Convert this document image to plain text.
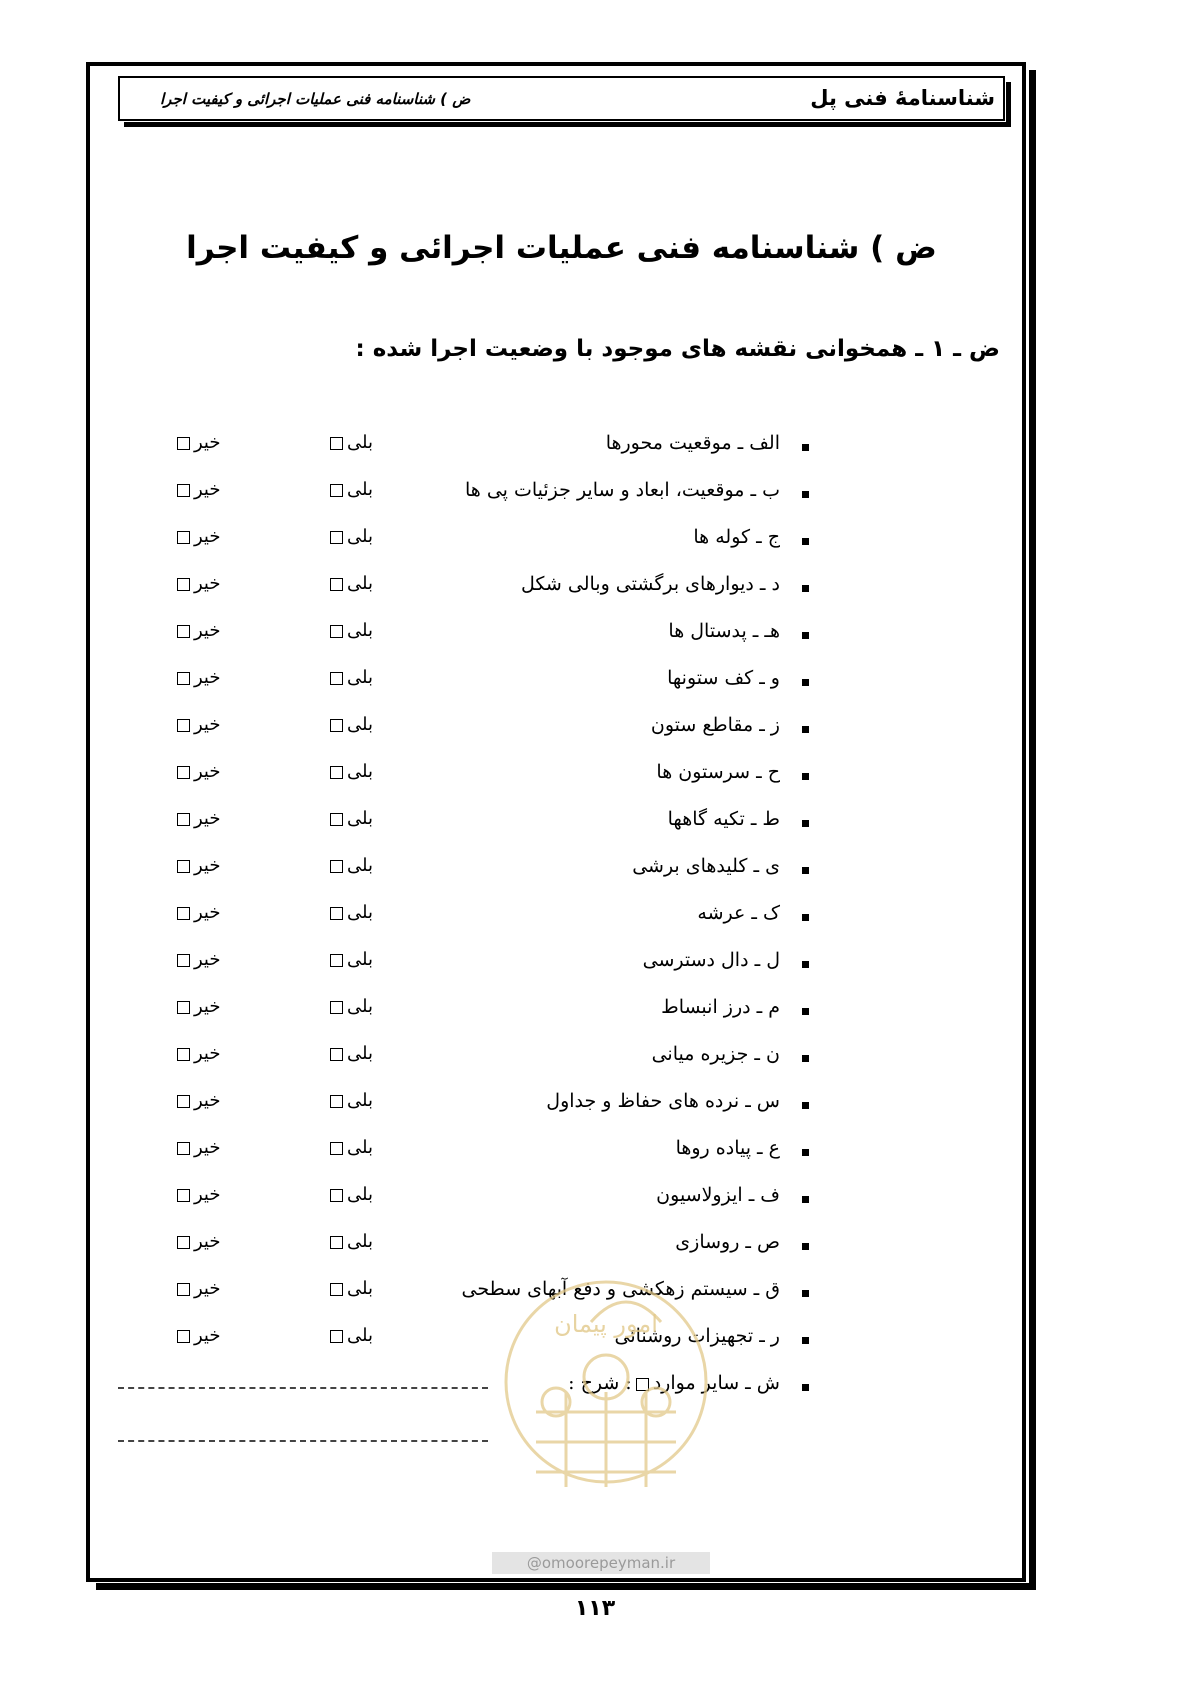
شناسنامهٔ فنی پل
ض ) شناسنامه فنی عملیات اجرائی و کیفیت اجرا
ض ) شناسنامه فنی عملیات اجرائی و کیفیت اجرا
ض ـ ۱ ـ همخوانی نقشه های موجود با وضعیت اجرا شده :
الف ـ موقعیت محورها
بلی
خیر
ب ـ موقعیت، ابعاد و سایر جزئیات پی ها
بلی
خیر
ج ـ کوله ها
بلی
خیر
د ـ دیوارهای برگشتی وبالی شکل
بلی
خیر
هـ ـ پدستال ها
بلی
خیر
و ـ کف ستونها
بلی
خیر
ز ـ مقاطع ستون
بلی
خیر
ح ـ سرستون ها
بلی
خیر
ط ـ تکیه گاهها
بلی
خیر
ی ـ کلیدهای برشی
بلی
خیر
ک ـ عرشه
بلی
خیر
ل ـ دال دسترسی
بلی
خیر
م ـ درز انبساط
بلی
خیر
ن ـ جزیره میانی
بلی
خیر
س ـ نرده های حفاظ و جداول
بلی
خیر
ع ـ پیاده روها
بلی
خیر
ف ـ ایزولاسیون
بلی
خیر
ص ـ روسازی
بلی
خیر
ق ـ سیستم زهکشی و دفع آبهای سطحی
بلی
خیر
ر ـ تجهیزات روشنائی
بلی
خیر
ش ـ سایر موارد: شرح :
امور پیمان
@omoorepeyman.ir
۱۱۳
